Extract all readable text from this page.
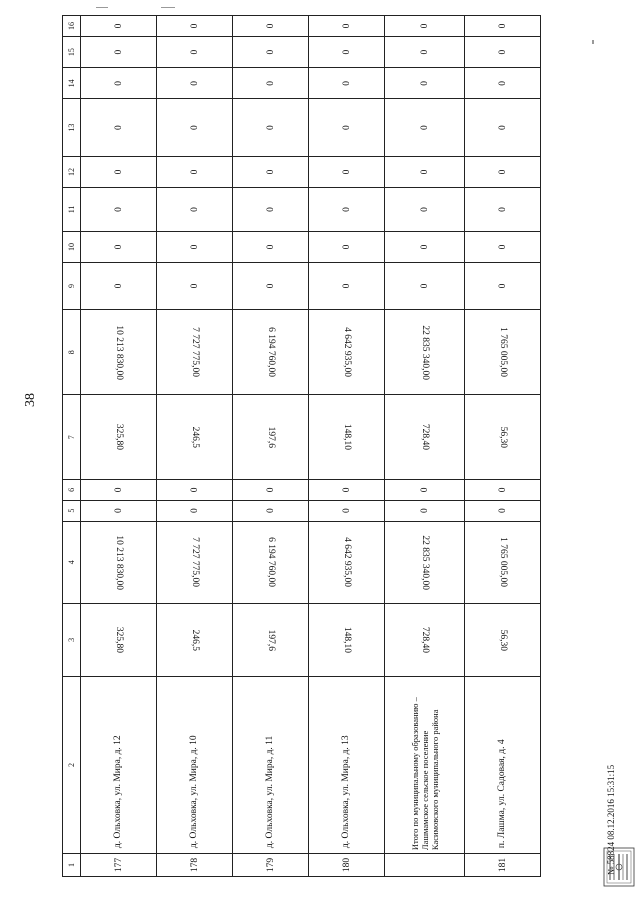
38
1	2	3	4	5	6	7	8	9	10	11	12	13	14	15	16
177	д. Ольховка, ул. Мира, д. 12	325,80	10 213 830,00	0	0	325,80	10 213 830,00	0	0	0	0	0	0	0	0
178	д. Ольховка, ул. Мира, д. 10	246,5	7 727 775,00	0	0	246,5	7 727 775,00	0	0	0	0	0	0	0	0
179	д. Ольховка, ул. Мира, д. 11	197,6	6 194 760,00	0	0	197,6	6 194 760,00	0	0	0	0	0	0	0	0
180	д. Ольховка, ул. Мира, д. 13	148,10	4 642 935,00	0	0	148,10	4 642 935,00	0	0	0	0	0	0	0	0
	Итого по муниципальному образованию – Лашмамское сельское поселение Касимовского муниципального района	728,40	22 835 340,00	0	0	728,40	22 835 340,00	0	0	0	0	0	0	0	0
181	п. Лашма, ул. Садовая, д. 4	56,30	1 765 005,00	0	0	56,30	1 765 005,00	0	0	0	0	0	0	0	0
№ 58824 08.12.2016 15:31:15
